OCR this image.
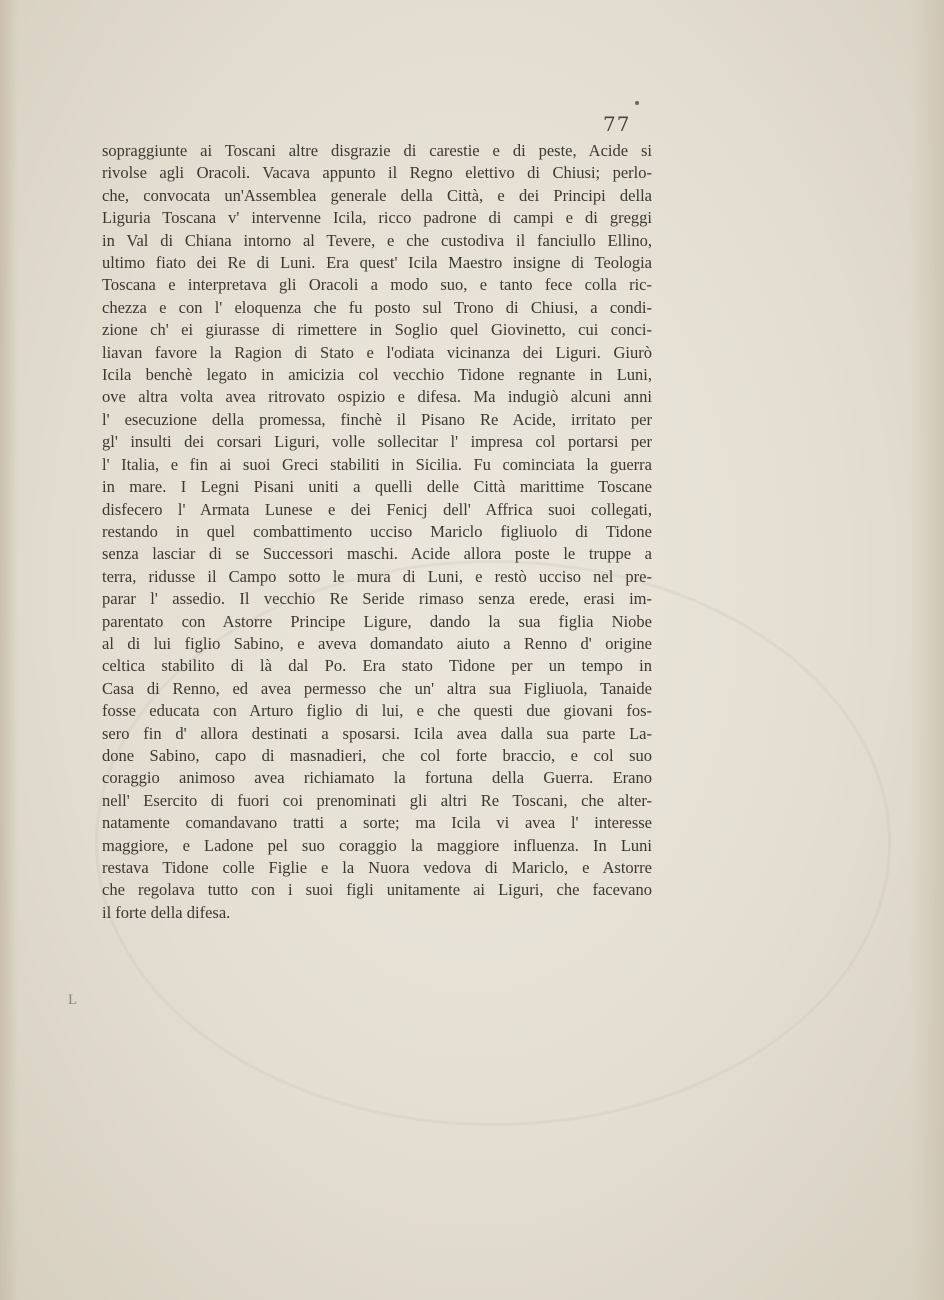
77
sopraggiunte ai Toscani altre disgrazie di carestie e di peste, Acide si
rivolse agli Oracoli. Vacava appunto il Regno elettivo di Chiusi; perlo-
che, convocata un'Assemblea generale della Città, e dei Principi della
Liguria Toscana v' intervenne Icila, ricco padrone di campi e di greggi
in Val di Chiana intorno al Tevere, e che custodiva il fanciullo Ellino,
ultimo fiato dei Re di Luni. Era quest' Icila Maestro insigne di Teologia
Toscana e interpretava gli Oracoli a modo suo, e tanto fece colla ric-
chezza e con l' eloquenza che fu posto sul Trono di Chiusi, a condi-
zione ch' ei giurasse di rimettere in Soglio quel Giovinetto, cui conci-
liavan favore la Ragion di Stato e l'odiata vicinanza dei Liguri. Giurò
Icila benchè legato in amicizia col vecchio Tidone regnante in Luni,
ove altra volta avea ritrovato ospizio e difesa. Ma indugiò alcuni anni
l' esecuzione della promessa, finchè il Pisano Re Acide, irritato per
gl' insulti dei corsari Liguri, volle sollecitar l' impresa col portarsi per
l' Italia, e fin ai suoi Greci stabiliti in Sicilia. Fu cominciata la guerra
in mare. I Legni Pisani uniti a quelli delle Città marittime Toscane
disfecero l' Armata Lunese e dei Fenicj dell' Affrica suoi collegati,
restando in quel combattimento ucciso Mariclo figliuolo di Tidone
senza lasciar di se Successori maschi. Acide allora poste le truppe a
terra, ridusse il Campo sotto le mura di Luni, e restò ucciso nel pre-
parar l' assedio. Il vecchio Re Seride rimaso senza erede, erasi im-
parentato con Astorre Principe Ligure, dando la sua figlia Niobe
al di lui figlio Sabino, e aveva domandato aiuto a Renno d' origine
celtica stabilito di là dal Po. Era stato Tidone per un tempo in
Casa di Renno, ed avea permesso che un' altra sua Figliuola, Tanaide
fosse educata con Arturo figlio di lui, e che questi due giovani fos-
sero fin d' allora destinati a sposarsi. Icila avea dalla sua parte La-
done Sabino, capo di masnadieri, che col forte braccio, e col suo
coraggio animoso avea richiamato la fortuna della Guerra. Erano
nell' Esercito di fuori coi prenominati gli altri Re Toscani, che alter-
natamente comandavano tratti a sorte; ma Icila vi avea l' interesse
maggiore, e Ladone pel suo coraggio la maggiore influenza. In Luni
restava Tidone colle Figlie e la Nuora vedova di Mariclo, e Astorre
che regolava tutto con i suoi figli unitamente ai Liguri, che facevano
il forte della difesa.
L
